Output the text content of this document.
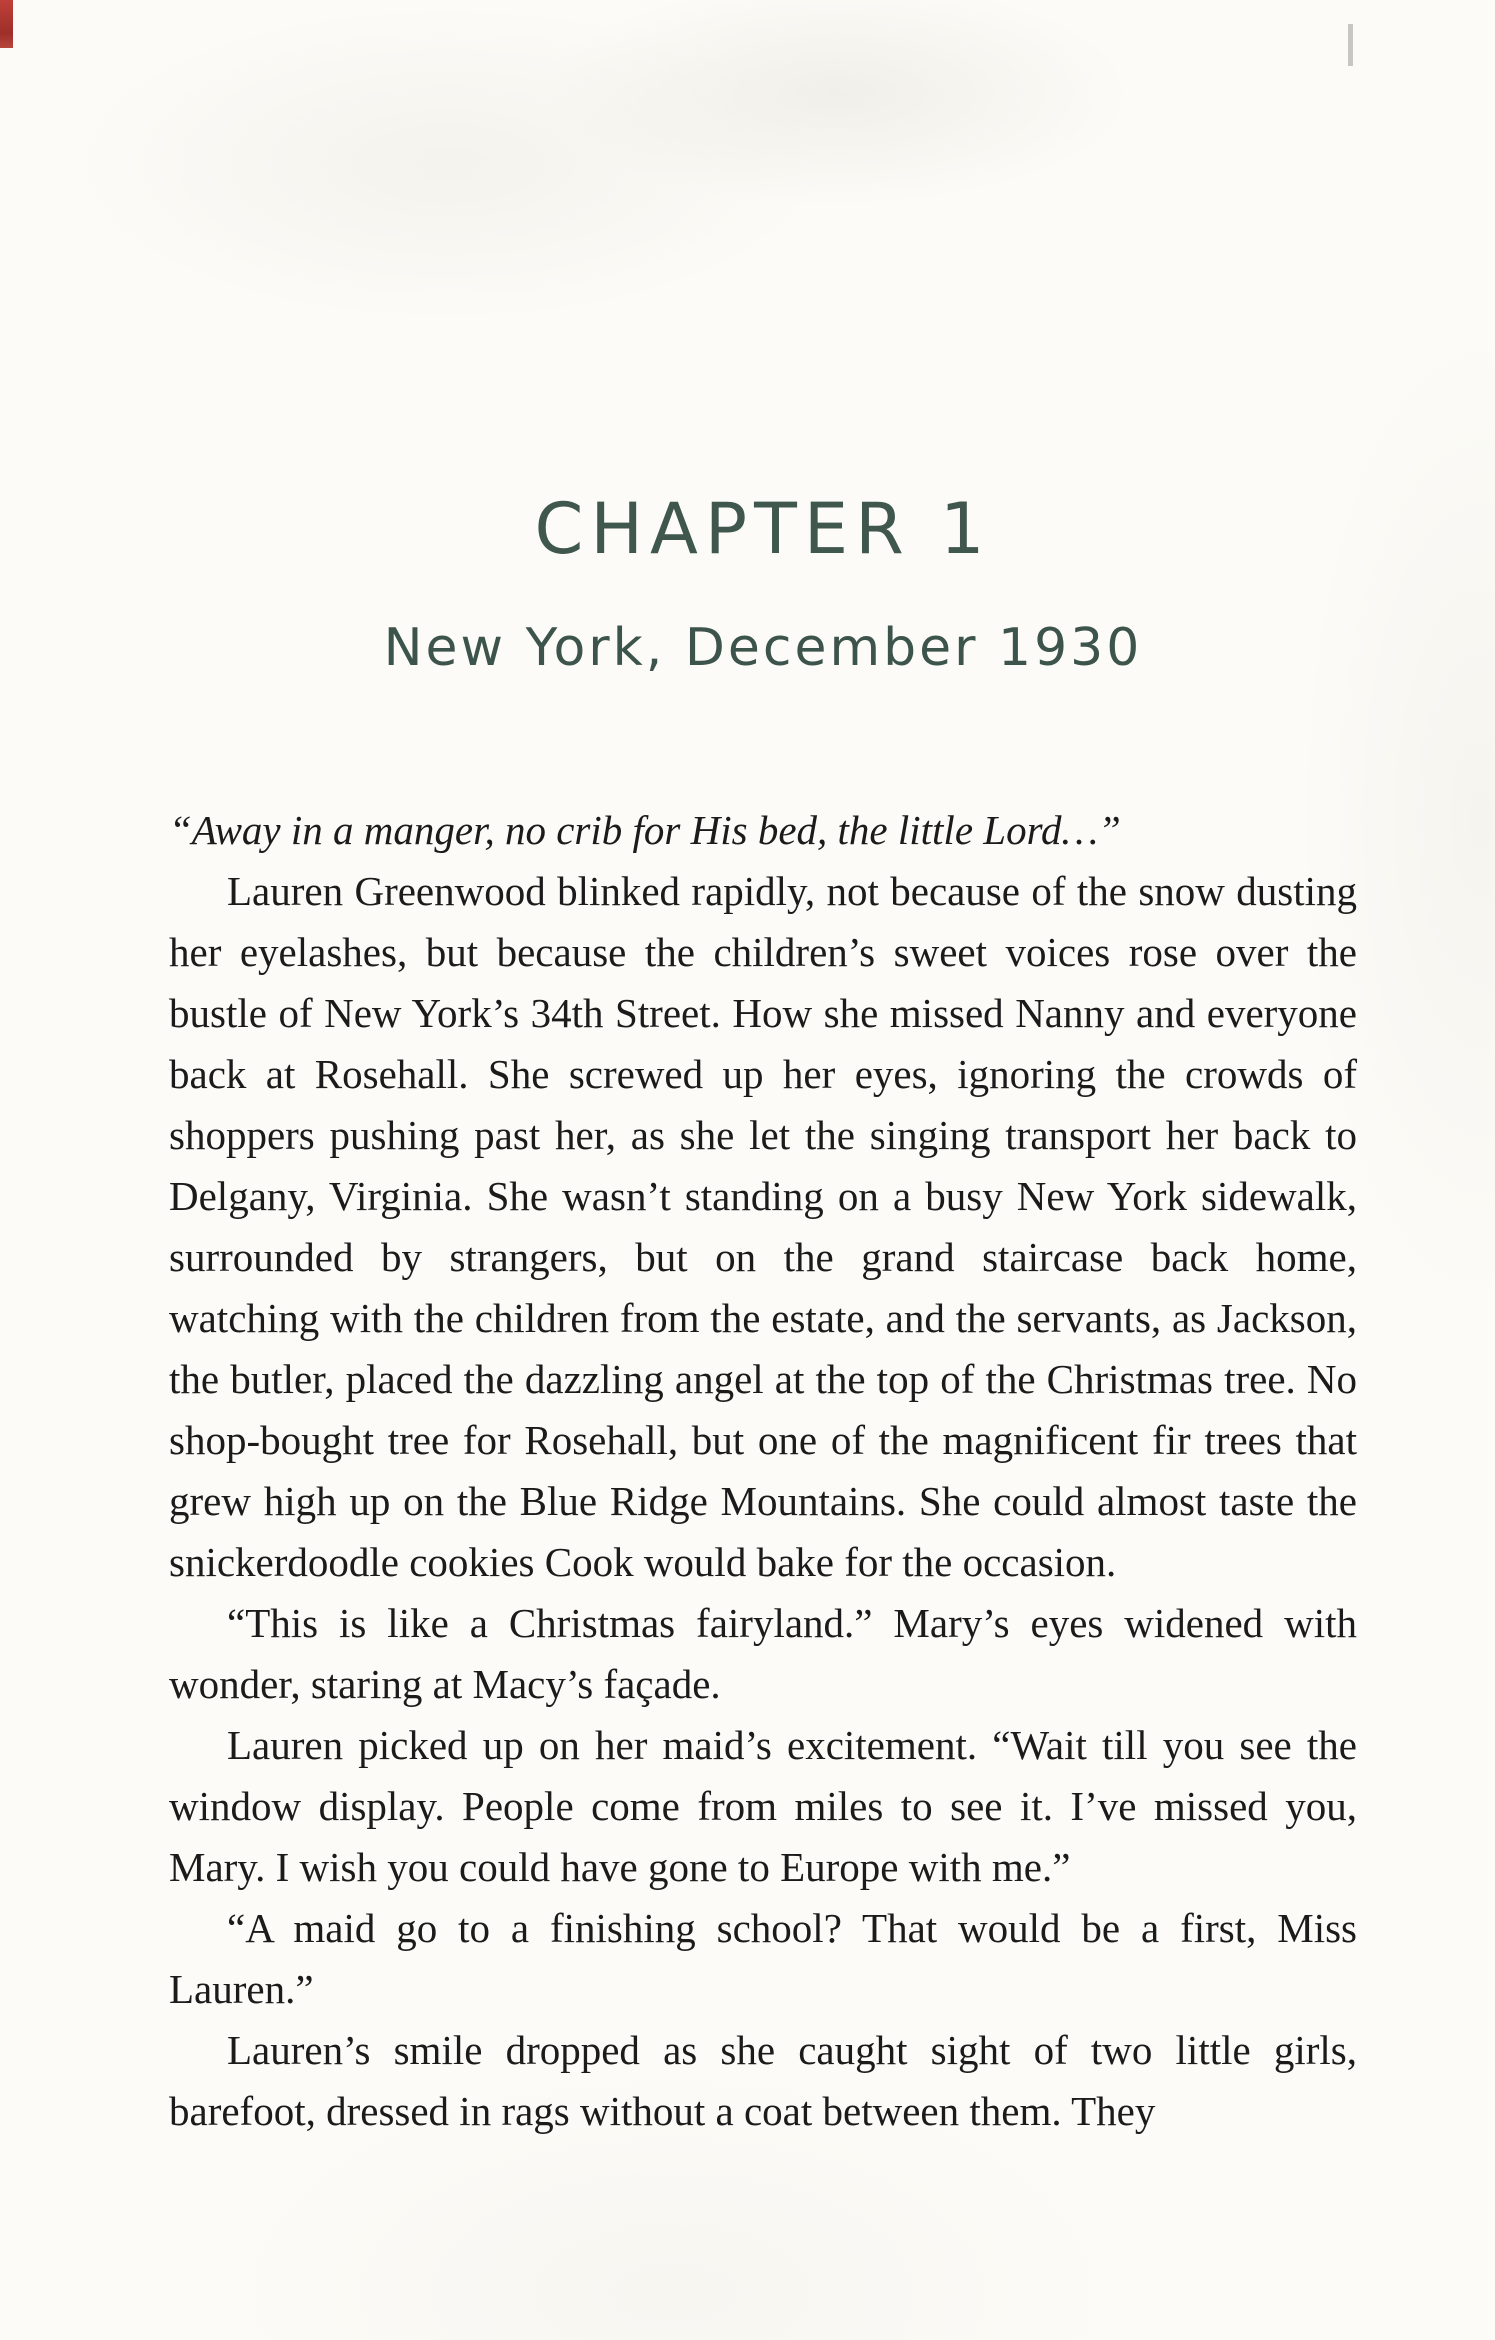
CHAPTER 1
New York, December 1930

“Away in a manger, no crib for His bed, the little Lord…”

Lauren Greenwood blinked rapidly, not because of the snow dusting her eyelashes, but because the children’s sweet voices rose over the bustle of New York’s 34th Street. How she missed Nanny and everyone back at Rosehall. She screwed up her eyes, ignoring the crowds of shoppers pushing past her, as she let the singing transport her back to Delgany, Virginia. She wasn’t standing on a busy New York sidewalk, surrounded by strangers, but on the grand staircase back home, watching with the children from the estate, and the servants, as Jackson, the butler, placed the dazzling angel at the top of the Christmas tree. No shop-bought tree for Rosehall, but one of the magnificent fir trees that grew high up on the Blue Ridge Mountains. She could almost taste the snickerdoodle cookies Cook would bake for the occasion.

“This is like a Christmas fairyland.” Mary’s eyes widened with wonder, staring at Macy’s façade.

Lauren picked up on her maid’s excitement. “Wait till you see the window display. People come from miles to see it. I’ve missed you, Mary. I wish you could have gone to Europe with me.”

“A maid go to a finishing school? That would be a first, Miss Lauren.”

Lauren’s smile dropped as she caught sight of two little girls, barefoot, dressed in rags without a coat between them. They
